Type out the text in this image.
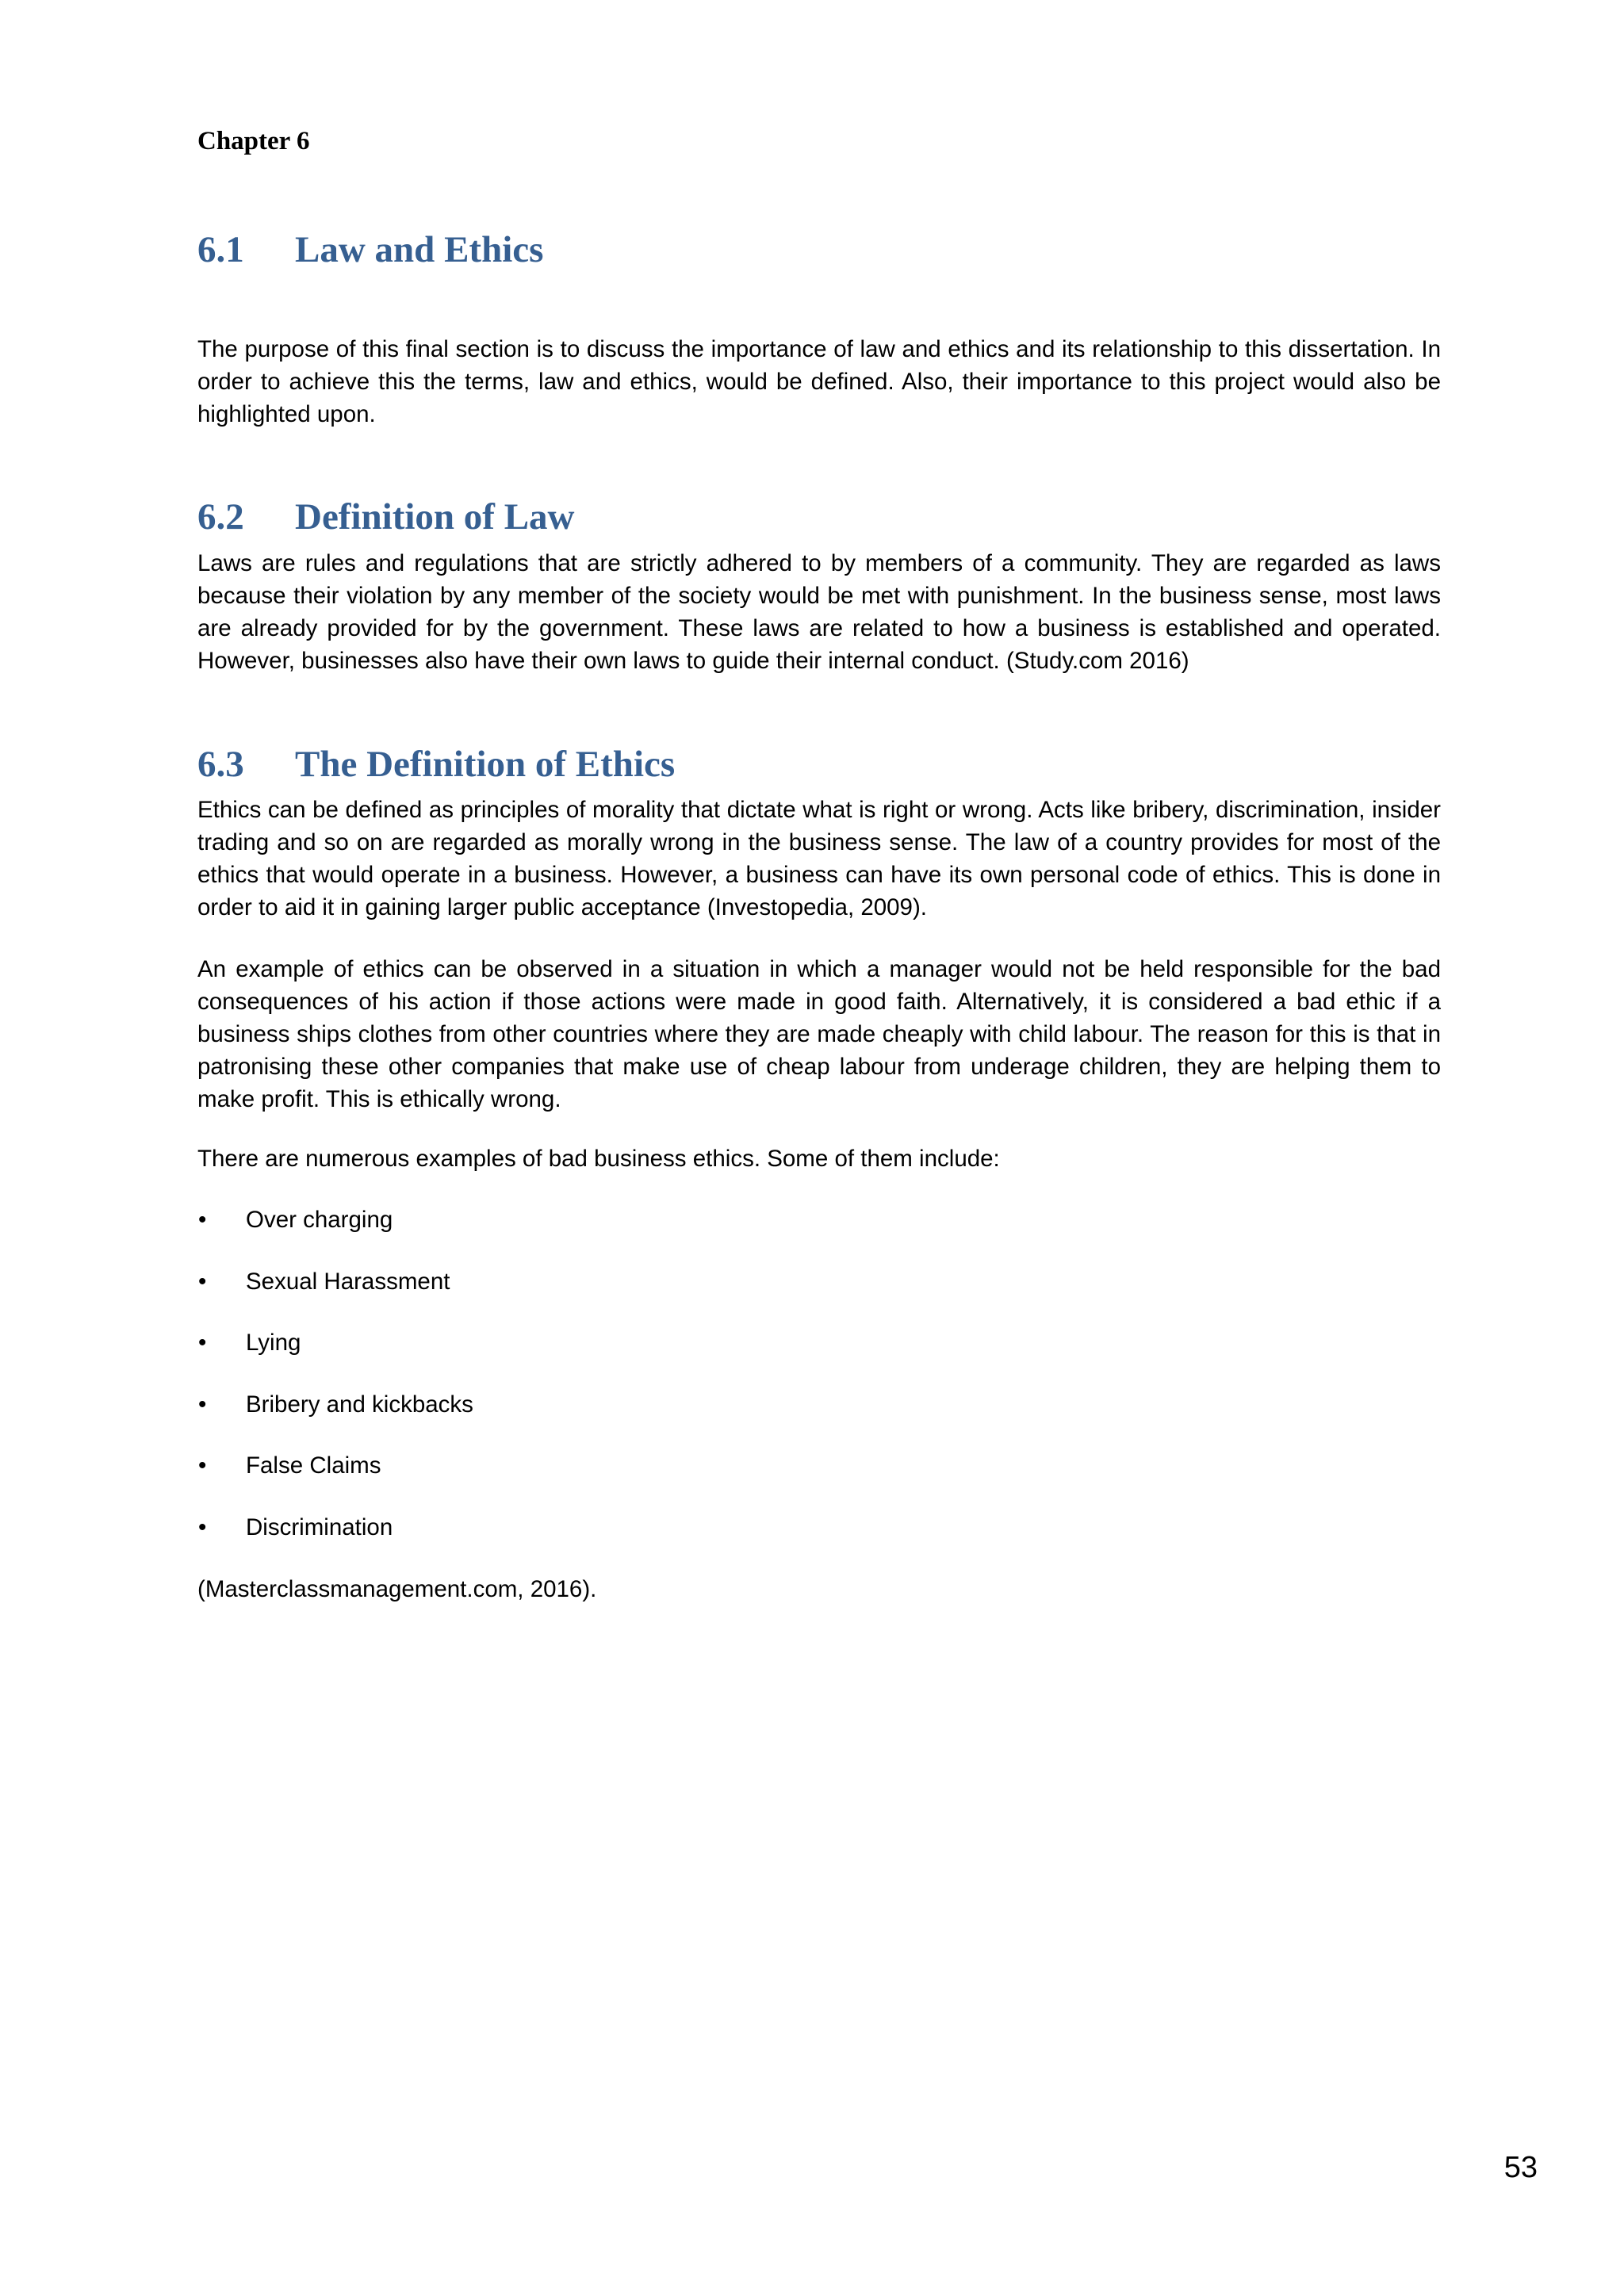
Chapter 6
6.1 Law and Ethics

The purpose of this final section is to discuss the importance of law and ethics and its relationship to this dissertation. In order to achieve this the terms, law and ethics, would be defined. Also, their importance to this project would also be highlighted upon.

6.2 Definition of Law

Laws are rules and regulations that are strictly adhered to by members of a community. They are regarded as laws because their violation by any member of the society would be met with punishment. In the business sense, most laws are already provided for by the government. These laws are related to how a business is established and operated. However, businesses also have their own laws to guide their internal conduct. (Study.com 2016)

6.3 The Definition of Ethics

Ethics can be defined as principles of morality that dictate what is right or wrong. Acts like bribery, discrimination, insider trading and so on are regarded as morally wrong in the business sense. The law of a country provides for most of the ethics that would operate in a business. However, a business can have its own personal code of ethics. This is done in order to aid it in gaining larger public acceptance (Investopedia, 2009).

An example of ethics can be observed in a situation in which a manager would not be held responsible for the bad consequences of his action if those actions were made in good faith. Alternatively, it is considered a bad ethic if a business ships clothes from other countries where they are made cheaply with child labour. The reason for this is that in patronising these other companies that make use of cheap labour from underage children, they are helping them to make profit. This is ethically wrong.

There are numerous examples of bad business ethics. Some of them include:

• Over charging
• Sexual Harassment
• Lying
• Bribery and kickbacks
• False Claims
• Discrimination

(Masterclassmanagement.com, 2016).

53
